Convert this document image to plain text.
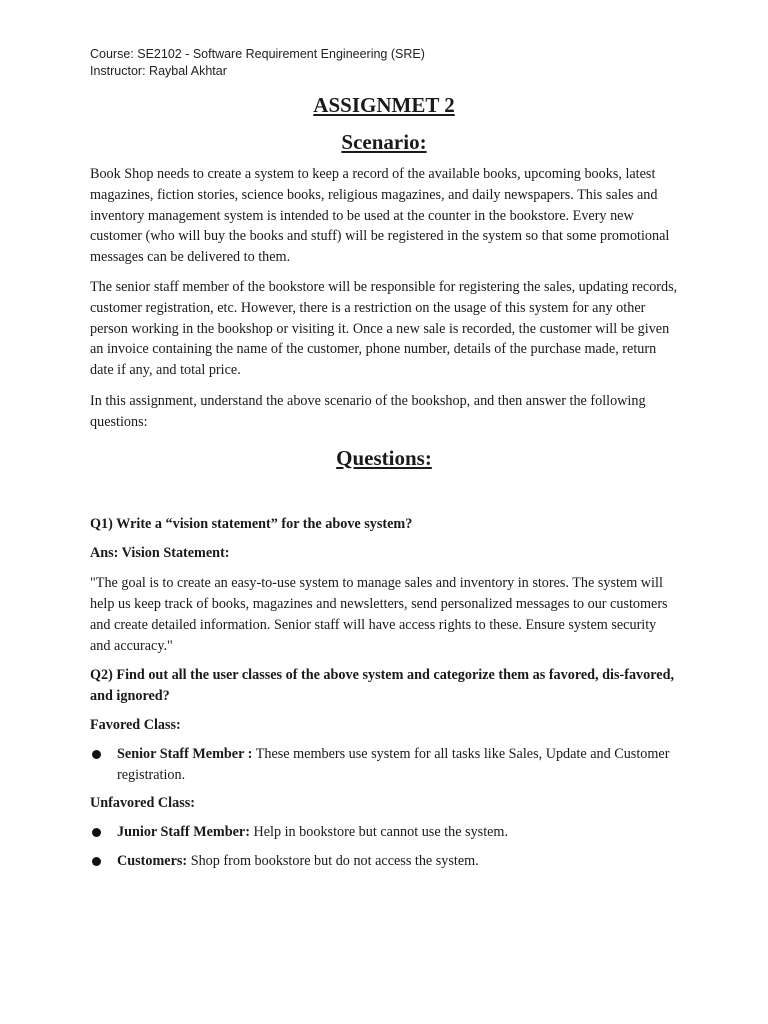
Course: SE2102 - Software Requirement Engineering (SRE)

Instructor: Raybal Akhtar

ASSIGNMET 2
Scenario:

Book Shop needs to create a system to keep a record of the available books, upcoming books, latest magazines, fiction stories, science books, religious magazines, and daily newspapers. This sales and inventory management system is intended to be used at the counter in the bookstore. Every new customer (who will buy the books and stuff) will be registered in the system so that some promotional messages can be delivered to them.

The senior staff member of the bookstore will be responsible for registering the sales, updating records, customer registration, etc. However, there is a restriction on the usage of this system for any other person working in the bookshop or visiting it. Once a new sale is recorded, the customer will be given an invoice containing the name of the customer, phone number, details of the purchase made, return date if any, and total price.

In this assignment, understand the above scenario of the bookshop, and then answer the following questions:

Questions:

Q1) Write a “vision statement” for the above system?

Ans: Vision Statement:

"The goal is to create an easy-to-use system to manage sales and inventory in stores. The system will help us keep track of books, magazines and newsletters, send personalized messages to our customers and create detailed information. Senior staff will have access rights to these. Ensure system security and accuracy."

Q2) Find out all the user classes of the above system and categorize them as favored, dis-favored, and ignored?

Favored Class:

Senior Staff Member : These members use system for all tasks like Sales, Update and Customer registration.

Unfavored Class:

Junior Staff Member: Help in bookstore but cannot use the system.

Customers: Shop from bookstore but do not access the system.
